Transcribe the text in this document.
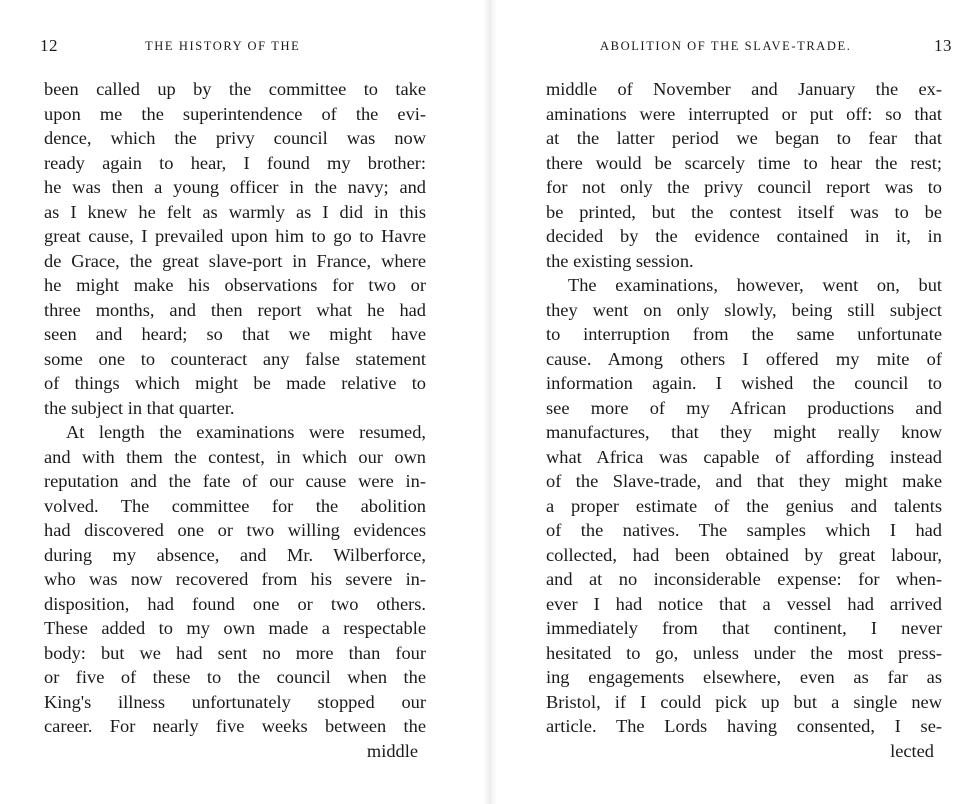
12	THE HISTORY OF THE
been called up by the committee to take
upon me the superintendence of the evi-
dence, which the privy council was now
ready again to hear, I found my brother:
he was then a young officer in the navy; and
as I knew he felt as warmly as I did in this
great cause, I prevailed upon him to go to Havre
de Grace, the great slave-port in France, where
he might make his observations for two or
three months, and then report what he had
seen and heard; so that we might have
some one to counteract any false statement
of things which might be made relative to
the subject in that quarter.
At length the examinations were resumed,
and with them the contest, in which our own
reputation and the fate of our cause were in-
volved. The committee for the abolition
had discovered one or two willing evidences
during my absence, and Mr. Wilberforce,
who was now recovered from his severe in-
disposition, had found one or two others.
These added to my own made a respectable
body: but we had sent no more than four
or five of these to the council when the
King's illness unfortunately stopped our
career. For nearly five weeks between the
middle
ABOLITION OF THE SLAVE-TRADE.	13
middle of November and January the ex-
aminations were interrupted or put off: so that
at the latter period we began to fear that
there would be scarcely time to hear the rest;
for not only the privy council report was to
be printed, but the contest itself was to be
decided by the evidence contained in it, in
the existing session.
The examinations, however, went on, but
they went on only slowly, being still subject
to interruption from the same unfortunate
cause. Among others I offered my mite of
information again. I wished the council to
see more of my African productions and
manufactures, that they might really know
what Africa was capable of affording instead
of the Slave-trade, and that they might make
a proper estimate of the genius and talents
of the natives. The samples which I had
collected, had been obtained by great labour,
and at no inconsiderable expense: for when-
ever I had notice that a vessel had arrived
immediately from that continent, I never
hesitated to go, unless under the most press-
ing engagements elsewhere, even as far as
Bristol, if I could pick up but a single new
article. The Lords having consented, I se-
lected
